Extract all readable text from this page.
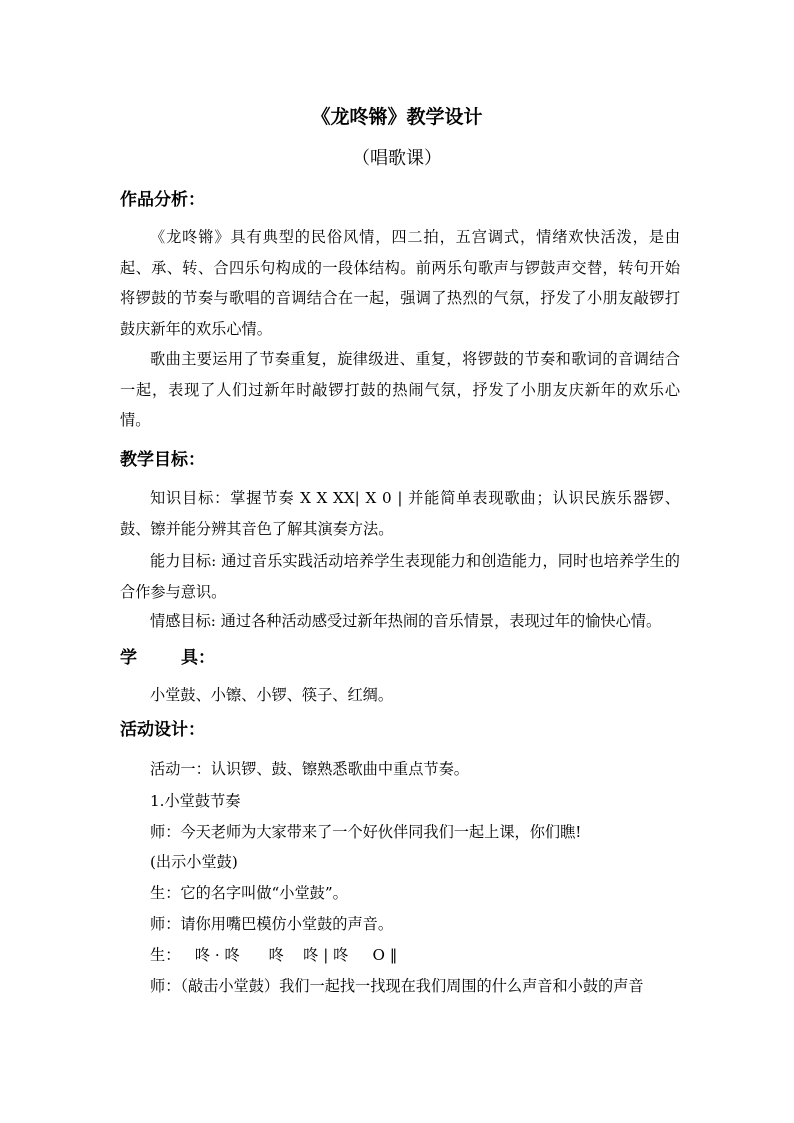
《龙咚锵》教学设计
（唱歌课）
作品分析：
《龙咚锵》具有典型的民俗风情，四二拍，五宫调式，情绪欢快活泼，是由起、承、转、合四乐句构成的一段体结构。前两乐句歌声与锣鼓声交替，转句开始将锣鼓的节奏与歌唱的音调结合在一起，强调了热烈的气氛，抒发了小朋友敲锣打鼓庆新年的欢乐心情。
歌曲主要运用了节奏重复，旋律级进、重复，将锣鼓的节奏和歌词的音调结合一起，表现了人们过新年时敲锣打鼓的热闹气氛，抒发了小朋友庆新年的欢乐心情。
教学目标：
知识目标：掌握节奏 X X XX| X 0 | 并能简单表现歌曲；认识民族乐器锣、鼓、镲并能分辨其音色了解其演奏方法。
能力目标: 通过音乐实践活动培养学生表现能力和创造能力，同时也培养学生的合作参与意识。
情感目标: 通过各种活动感受过新年热闹的音乐情景，表现过年的愉快心情。
学	具：
小堂鼓、小镲、小锣、筷子、红绸。
活动设计：
活动一：认识锣、鼓、镲熟悉歌曲中重点节奏。
1.小堂鼓节奏
师：今天老师为大家带来了一个好伙伴同我们一起上课，你们瞧!
(出示小堂鼓)
生：它的名字叫做“小堂鼓”。
师：请你用嘴巴模仿小堂鼓的声音。
生：   咚 · 咚      咚    咚 | 咚     O ‖
师：（敲击小堂鼓）我们一起找一找现在我们周围的什么声音和小鼓的声音
